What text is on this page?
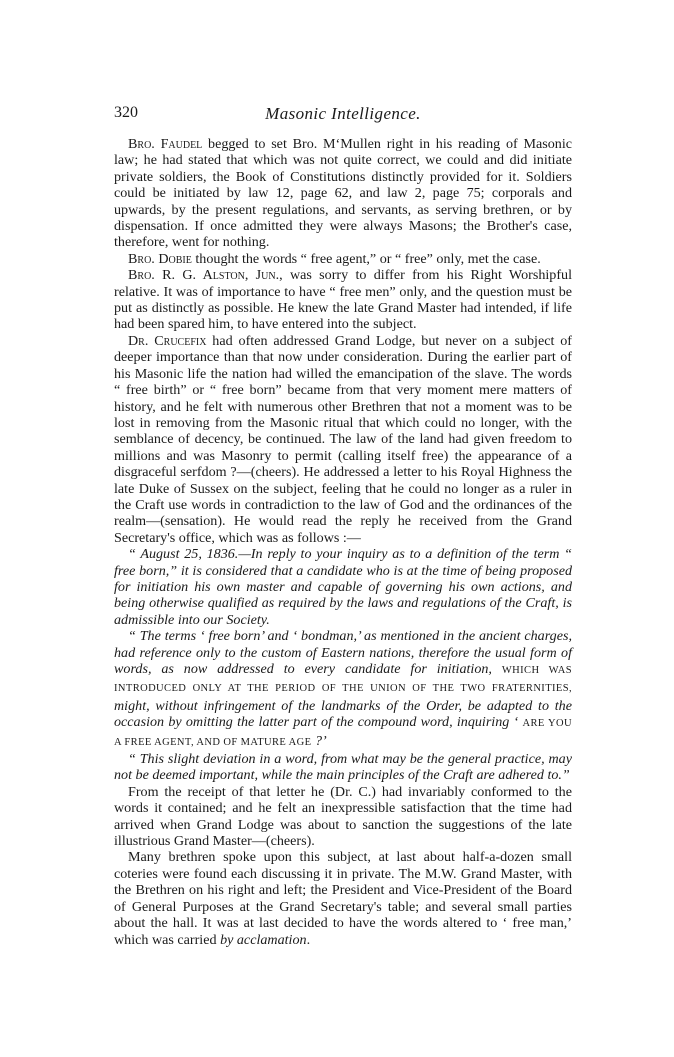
320	Masonic Intelligence.

Bro. Faudel begged to set Bro. M‘Mullen right in his reading of Masonic law; he had stated that which was not quite correct, we could and did initiate private soldiers, the Book of Constitutions distinctly provided for it. Soldiers could be initiated by law 12, page 62, and law 2, page 75; corporals and upwards, by the present regulations, and servants, as serving brethren, or by dispensation. If once admitted they were always Masons; the Brother's case, therefore, went for nothing.

Bro. Dobie thought the words “ free agent,” or “ free” only, met the case.

Bro. R. G. Alston, Jun., was sorry to differ from his Right Worshipful relative. It was of importance to have “ free men” only, and the question must be put as distinctly as possible. He knew the late Grand Master had intended, if life had been spared him, to have entered into the subject.

Dr. Crucefix had often addressed Grand Lodge, but never on a subject of deeper importance than that now under consideration. During the earlier part of his Masonic life the nation had willed the emancipation of the slave. The words “ free birth” or “ free born” became from that very moment mere matters of history, and he felt with numerous other Brethren that not a moment was to be lost in removing from the Masonic ritual that which could no longer, with the semblance of decency, be continued. The law of the land had given freedom to millions and was Masonry to permit (calling itself free) the appearance of a disgraceful serfdom ?—(cheers). He addressed a letter to his Royal Highness the late Duke of Sussex on the subject, feeling that he could no longer as a ruler in the Craft use words in contradiction to the law of God and the ordinances of the realm—(sensation). He would read the reply he received from the Grand Secretary's office, which was as follows :—

“ August 25, 1836.—In reply to your inquiry as to a definition of the term “ free born,” it is considered that a candidate who is at the time of being proposed for initiation his own master and capable of governing his own actions, and being otherwise qualified as required by the laws and regulations of the Craft, is admissible into our Society.

“ The terms ‘ free born’ and ‘ bondman,’ as mentioned in the ancient charges, had reference only to the custom of Eastern nations, therefore the usual form of words, as now addressed to every candidate for initiation, WHICH WAS INTRODUCED ONLY AT THE PERIOD OF THE UNION OF THE TWO FRATERNITIES, might, without infringement of the landmarks of the Order, be adapted to the occasion by omitting the latter part of the compound word, inquiring ‘ ARE YOU A FREE AGENT, AND OF MATURE AGE ?’

“ This slight deviation in a word, from what may be the general practice, may not be deemed important, while the main principles of the Craft are adhered to.”

From the receipt of that letter he (Dr. C.) had invariably conformed to the words it contained; and he felt an inexpressible satisfaction that the time had arrived when Grand Lodge was about to sanction the suggestions of the late illustrious Grand Master—(cheers).

Many brethren spoke upon this subject, at last about half-a-dozen small coteries were found each discussing it in private. The M.W. Grand Master, with the Brethren on his right and left; the President and Vice-President of the Board of General Purposes at the Grand Secretary's table; and several small parties about the hall. It was at last decided to have the words altered to ‘ free man,’ which was carried by acclamation.
